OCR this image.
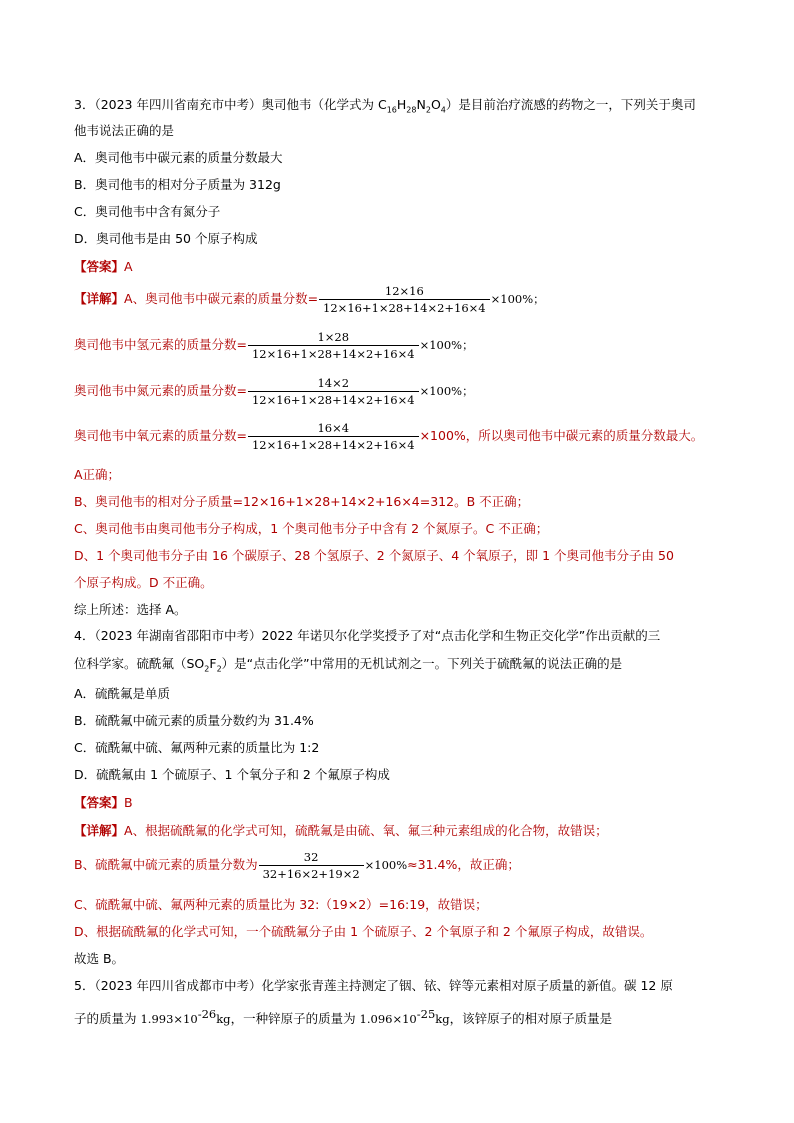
3．（2023 年四川省南充市中考）奥司他韦（化学式为 $C_{16}H_{28}N_2O_4$）是目前治疗流感的药物之一，下列关于奥司
他韦说法正确的是
A．奥司他韦中碳元素的质量分数最大
B．奥司他韦的相对分子质量为 312g
C．奥司他韦中含有氮分子
D．奥司他韦是由 50 个原子构成
【答案】A
【详解】A、奥司他韦中碳元素的质量分数= $\frac{12\times 16}{12\times 16+1\times 28+14\times 2+16\times 4} \times 100\%$；
奥司他韦中氢元素的质量分数= $\frac{1\times 28}{12\times 16+1\times 28+14\times 2+16\times 4} \times 100\%$；
奥司他韦中氮元素的质量分数= $\frac{14\times 2}{12\times 16+1\times 28+14\times 2+16\times 4} \times 100\%$；
奥司他韦中氧元素的质量分数= $\frac{16\times 4}{12\times 16+1\times 28+14\times 2+16\times 4} \times 100\%$，所以奥司他韦中碳元素的质量分数最大。
A正确；
B、奥司他韦的相对分子质量=12×16+1×28+14×2+16×4=312。B 不正确；
C、奥司他韦由奥司他韦分子构成，1 个奥司他韦分子中含有 2 个氮原子。C 不正确；
D、1 个奥司他韦分子由 16 个碳原子、28 个氢原子、2 个氮原子、4 个氧原子，即 1 个奥司他韦分子由 50
个原子构成。D 不正确。
综上所述：选择 A。
4．（2023 年湖南省邵阳市中考）2022 年诺贝尔化学奖授予了对“点击化学和生物正交化学”作出贡献的三
位科学家。硫酰氟$(SO_2F_2)$是“点击化学”中常用的无机试剂之一。下列关于硫酰氟的说法正确的是
A．硫酰氟是单质
B．硫酰氟中硫元素的质量分数约为 31.4%
C．硫酰氟中硫、氟两种元素的质量比为 1:2
D．硫酰氟由 1 个硫原子、1 个氧分子和 2 个氟原子构成
【答案】B
【详解】A、根据硫酰氟的化学式可知，硫酰氟是由硫、氧、氟三种元素组成的化合物，故错误；
B、硫酰氟中硫元素的质量分数为 $\frac{32}{32+16\times 2+19\times 2} \times 100\%\approx 31.4\%$，故正确；
C、硫酰氟中硫、氟两种元素的质量比为 32:（19×2）=16:19，故错误；
D、根据硫酰氟的化学式可知，一个硫酰氟分子由 1 个硫原子、2 个氧原子和 2 个氟原子构成，故错误。
故选 B。
5．（2023 年四川省成都市中考）化学家张青莲主持测定了铟、铱、锌等元素相对原子质量的新值。碳 12 原
子的质量为 $1.993\times 10^{-26}kg$，一种锌原子的质量为 $1.096\times 10^{-25}kg$，该锌原子的相对原子质量是
